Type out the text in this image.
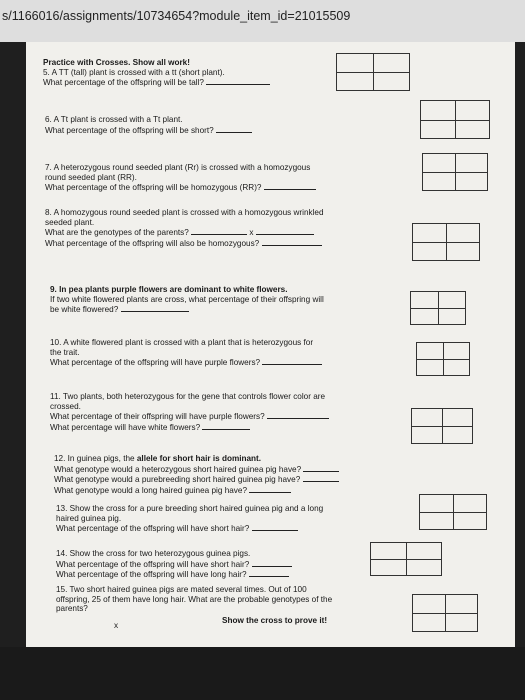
s/1166016/assignments/10734654?module_item_id=21015509
Practice with Crosses. Show all work!
5. A TT (tall) plant is crossed with a tt (short plant).
What percentage of the offspring will be tall?
6. A Tt plant is crossed with a Tt plant.
What percentage of the offspring will be short?
7. A heterozygous round seeded plant (Rr) is crossed with a homozygous
round seeded plant (RR).
What percentage of the offspring will be homozygous (RR)?
8. A homozygous round seeded plant is crossed with a homozygous wrinkled
seeded plant.
What are the genotypes of the parents?	x
What percentage of the offspring will also be homozygous?
9. In pea plants purple flowers are dominant to white flowers.
If two white flowered plants are cross, what percentage of their offspring will
be white flowered?
10. A white flowered plant is crossed with a plant that is heterozygous for
the trait.
What percentage of the offspring will have purple flowers?
11. Two plants, both heterozygous for the gene that controls flower color are
crossed.
What percentage of their offspring will have purple flowers?
What percentage will have white flowers?
12. In guinea pigs, the allele for short hair is dominant.
What genotype would a heterozygous short haired guinea pig have?
What genotype would a purebreeding short haired guinea pig have?
What genotype would a long haired guinea pig have?
13. Show the cross for a pure breeding short haired guinea pig and a long
haired guinea pig.
What percentage of the offspring will have short hair?
14. Show the cross for two heterozygous guinea pigs.
What percentage of the offspring will have short hair?
What percentage of the offspring will have long hair?
15. Two short haired guinea pigs are mated several times. Out of 100
offspring, 25 of them have long hair. What are the probable genotypes of the
parents?
x
Show the cross to prove it!
